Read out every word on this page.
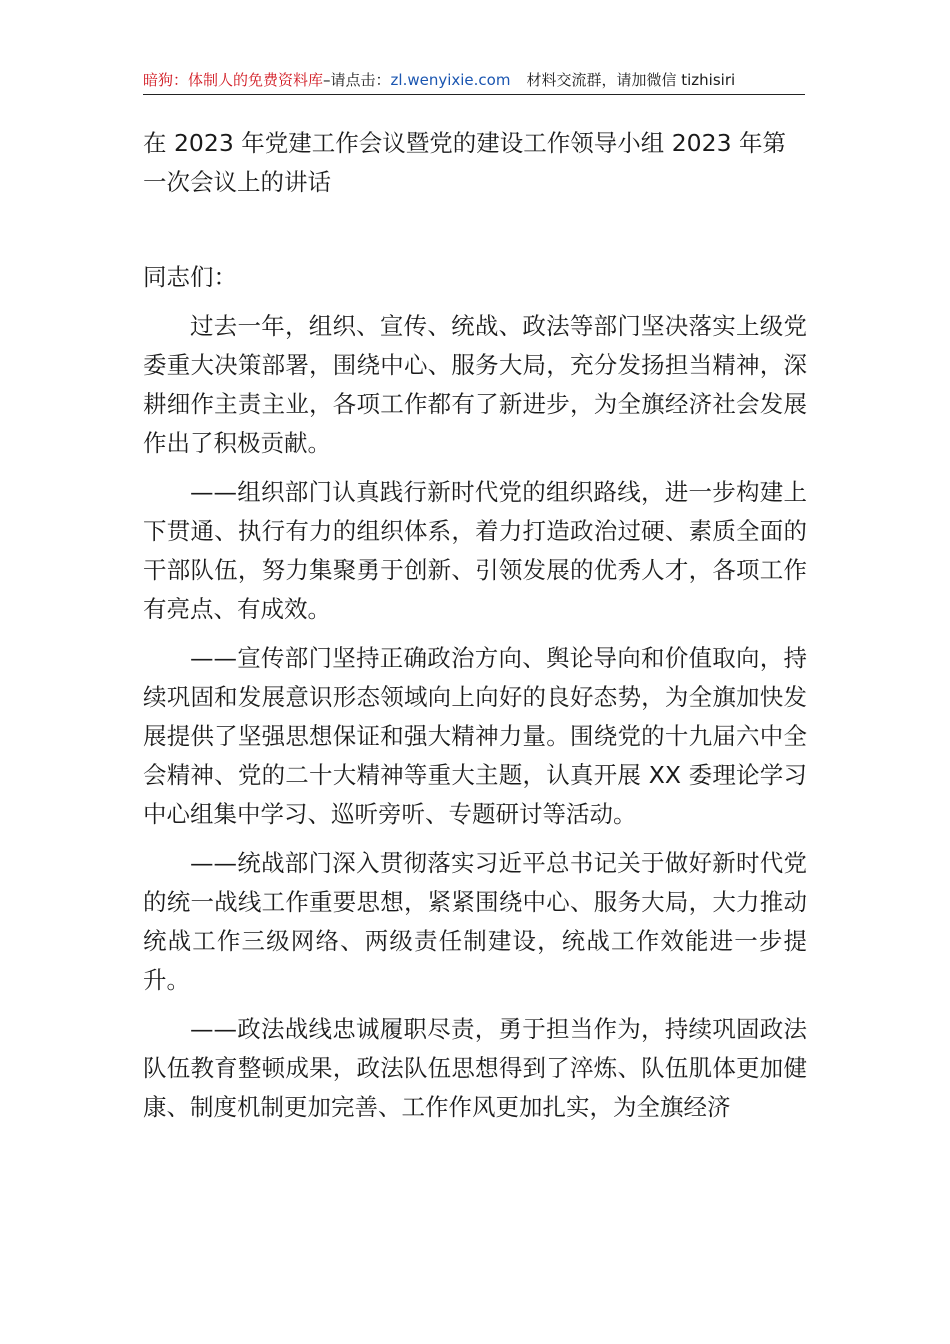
暗狗：体制人的免费资料库–请点击：zl.wenyixie.com 材料交流群，请加微信 tizhisiri
在 2023 年党建工作会议暨党的建设工作领导小组 2023 年第一次会议上的讲话

同志们：

过去一年，组织、宣传、统战、政法等部门坚决落实上级党委重大决策部署，围绕中心、服务大局，充分发扬担当精神，深耕细作主责主业，各项工作都有了新进步，为全旗经济社会发展作出了积极贡献。

——组织部门认真践行新时代党的组织路线，进一步构建上下贯通、执行有力的组织体系，着力打造政治过硬、素质全面的干部队伍，努力集聚勇于创新、引领发展的优秀人才，各项工作有亮点、有成效。

——宣传部门坚持正确政治方向、舆论导向和价值取向，持续巩固和发展意识形态领域向上向好的良好态势，为全旗加快发展提供了坚强思想保证和强大精神力量。围绕党的十九届六中全会精神、党的二十大精神等重大主题，认真开展 XX 委理论学习中心组集中学习、巡听旁听、专题研讨等活动。

——统战部门深入贯彻落实习近平总书记关于做好新时代党的统一战线工作重要思想，紧紧围绕中心、服务大局，大力推动统战工作三级网络、两级责任制建设，统战工作效能进一步提升。

——政法战线忠诚履职尽责，勇于担当作为，持续巩固政法队伍教育整顿成果，政法队伍思想得到了淬炼、队伍肌体更加健康、制度机制更加完善、工作作风更加扎实，为全旗经济
